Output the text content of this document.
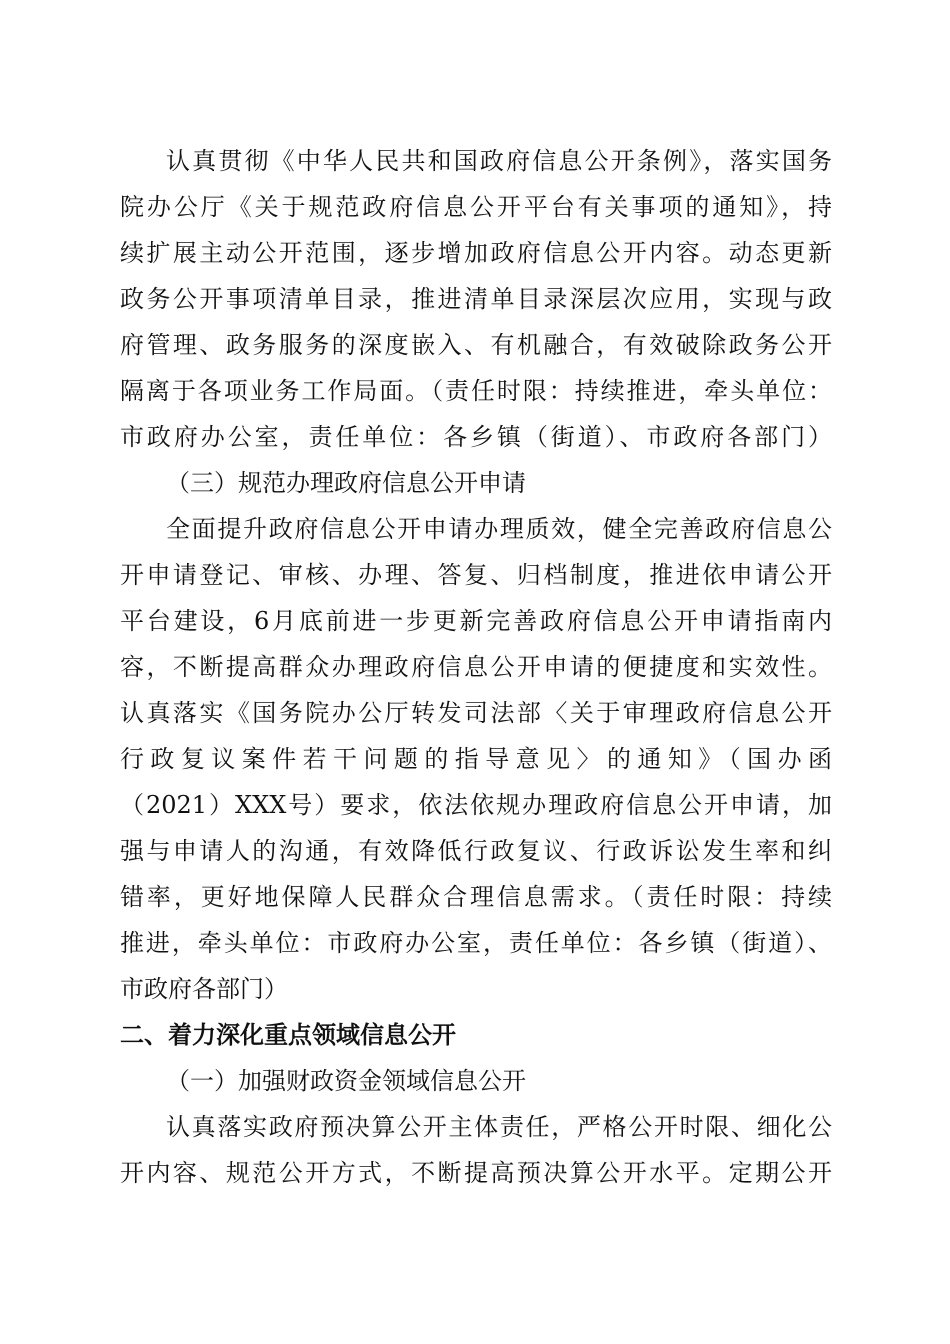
认真贯彻《中华人民共和国政府信息公开条例》，落实国务
院办公厅《关于规范政府信息公开平台有关事项的通知》，持
续扩展主动公开范围，逐步增加政府信息公开内容。动态更新
政务公开事项清单目录，推进清单目录深层次应用，实现与政
府管理、政务服务的深度嵌入、有机融合，有效破除政务公开
隔离于各项业务工作局面。（责任时限：持续推进，牵头单位：
市政府办公室，责任单位：各乡镇（街道）、市政府各部门）
（三）规范办理政府信息公开申请
全面提升政府信息公开申请办理质效，健全完善政府信息公
开申请登记、审核、办理、答复、归档制度，推进依申请公开
平台建设，6月底前进一步更新完善政府信息公开申请指南内
容，不断提高群众办理政府信息公开申请的便捷度和实效性。
认真落实《国务院办公厅转发司法部〈关于审理政府信息公开
行政复议案件若干问题的指导意见〉的通知》（国办函
（2021）XXX号）要求，依法依规办理政府信息公开申请，加
强与申请人的沟通，有效降低行政复议、行政诉讼发生率和纠
错率，更好地保障人民群众合理信息需求。（责任时限：持续
推进，牵头单位：市政府办公室，责任单位：各乡镇（街道）、
市政府各部门）
二、着力深化重点领域信息公开
（一）加强财政资金领域信息公开
认真落实政府预决算公开主体责任，严格公开时限、细化公
开内容、规范公开方式，不断提高预决算公开水平。定期公开
